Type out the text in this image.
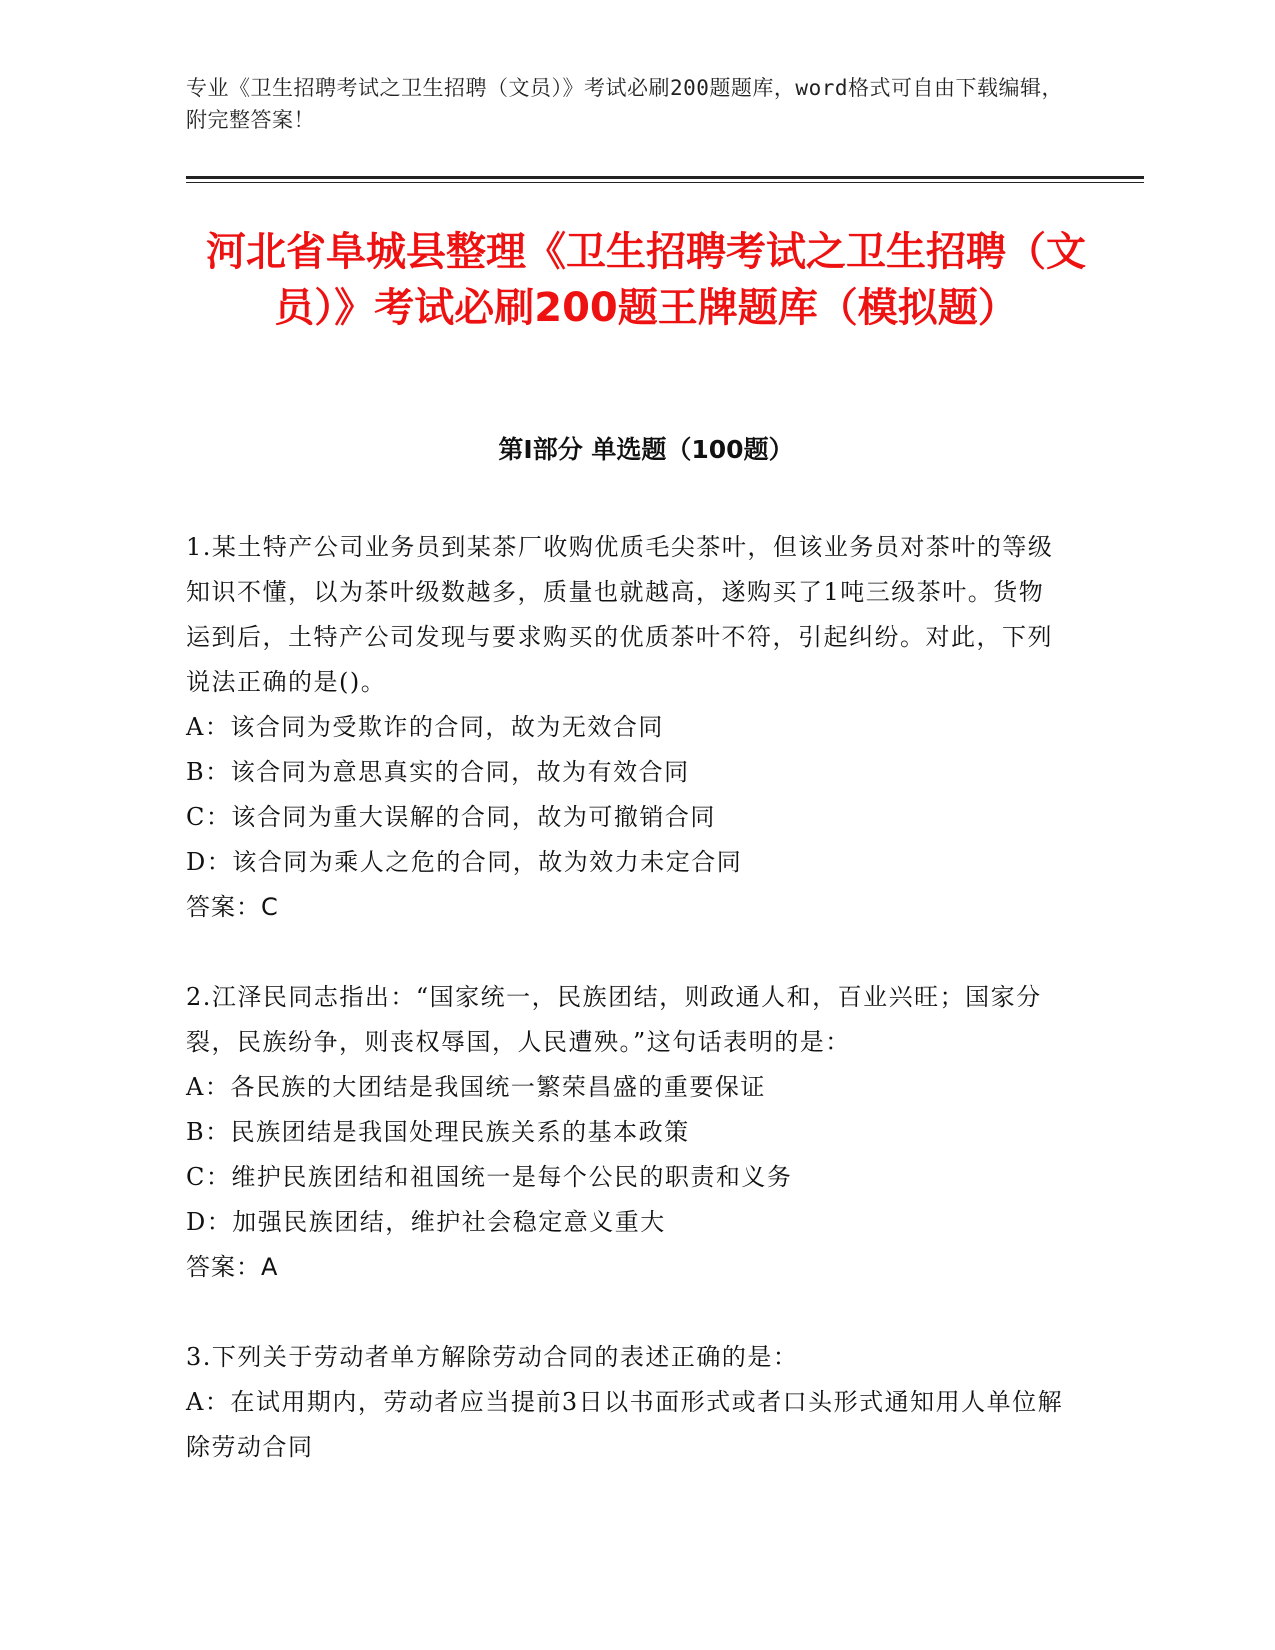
专业《卫生招聘考试之卫生招聘（文员）》考试必刷200题题库，word格式可自由下载编辑，附完整答案！
河北省阜城县整理《卫生招聘考试之卫生招聘（文员）》考试必刷200题王牌题库（模拟题）
第Ⅰ部分 单选题（100题）

1.某土特产公司业务员到某茶厂收购优质毛尖茶叶，但该业务员对茶叶的等级知识不懂，以为茶叶级数越多，质量也就越高，遂购买了1吨三级茶叶。货物运到后，土特产公司发现与要求购买的优质茶叶不符，引起纠纷。对此，下列说法正确的是()。

A：该合同为受欺诈的合同，故为无效合同

B：该合同为意思真实的合同，故为有效合同

C：该合同为重大误解的合同，故为可撤销合同

D：该合同为乘人之危的合同，故为效力未定合同

答案：C

2.江泽民同志指出：“国家统一，民族团结，则政通人和，百业兴旺；国家分裂，民族纷争，则丧权辱国，人民遭殃。”这句话表明的是：

A：各民族的大团结是我国统一繁荣昌盛的重要保证

B：民族团结是我国处理民族关系的基本政策

C：维护民族团结和祖国统一是每个公民的职责和义务

D：加强民族团结，维护社会稳定意义重大

答案：A

3.下列关于劳动者单方解除劳动合同的表述正确的是：

A：在试用期内，劳动者应当提前3日以书面形式或者口头形式通知用人单位解除劳动合同
